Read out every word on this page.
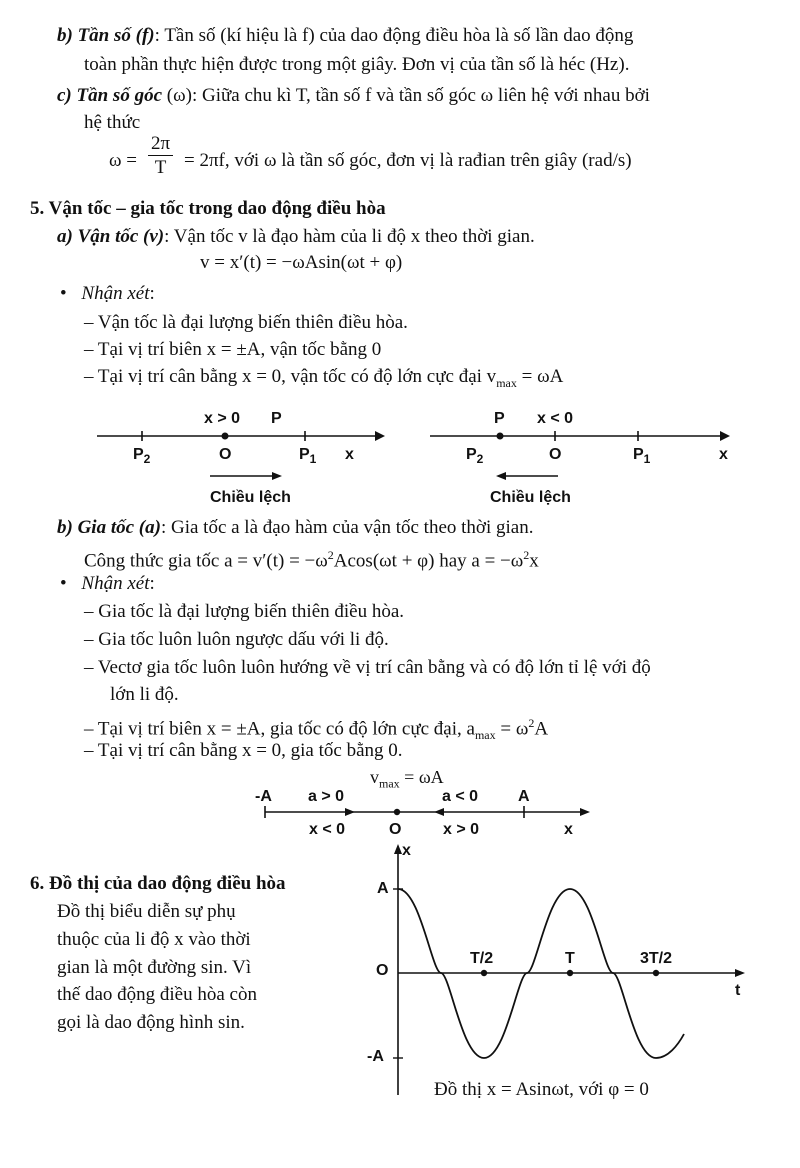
b) Tần số (f): Tần số (kí hiệu là f) của dao động điều hòa là số lần dao động
toàn phần thực hiện được trong một giây. Đơn vị của tần số là héc (Hz).
c) Tần số góc (ω): Giữa chu kì T, tần số f và tần số góc ω liên hệ với nhau bởi
hệ thức
$\omega = \frac{2\pi}{T} = 2\pi f$, với ω là tần số góc, đơn vị là rađian trên giây (rad/s)
5. Vận tốc – gia tốc trong dao động điều hòa
a) Vận tốc (v): Vận tốc v là đạo hàm của li độ x theo thời gian.
v = x′(t) = −ωAsin(ωt + φ)
• Nhận xét:
– Vận tốc là đại lượng biến thiên điều hòa.
– Tại vị trí biên x = ±A, vận tốc bằng 0
– Tại vị trí cân bằng x = 0, vận tốc có độ lớn cực đại $v_{max} = \omega A$
x > 0 P
$P_2$	O	$P_1$ x
Chiều lệch
P x < 0
$P_2$	O	$P_1$	x
Chiều lệch
b) Gia tốc (a): Gia tốc a là đạo hàm của vận tốc theo thời gian.
Công thức gia tốc $a = v'(t) = -\omega^2Acos(\omega t + \varphi)$ hay $a = -\omega^2x$
• Nhận xét:
– Gia tốc là đại lượng biến thiên điều hòa.
– Gia tốc luôn luôn ngược dấu với li độ.
– Vectơ gia tốc luôn luôn hướng về vị trí cân bằng và có độ lớn tỉ lệ với độ
lớn li độ.
– Tại vị trí biên x = ±A, gia tốc có độ lớn cực đại, $a_{max} = \omega^2A$
– Tại vị trí cân bằng x = 0, gia tốc bằng 0.
$v_{max} = \omega A$
-A a > 0	a < 0 A
x < 0	O	x > 0	x
6. Đồ thị của dao động điều hòa
Đồ thị biểu diễn sự phụ
thuộc của li độ x vào thời
gian là một đường sin. Vì
thế dao động điều hòa còn
gọi là dao động hình sin.
x
A
O
-A
T/2	T	3T/2
t
Đồ thị x = Asinωt, với φ = 0
